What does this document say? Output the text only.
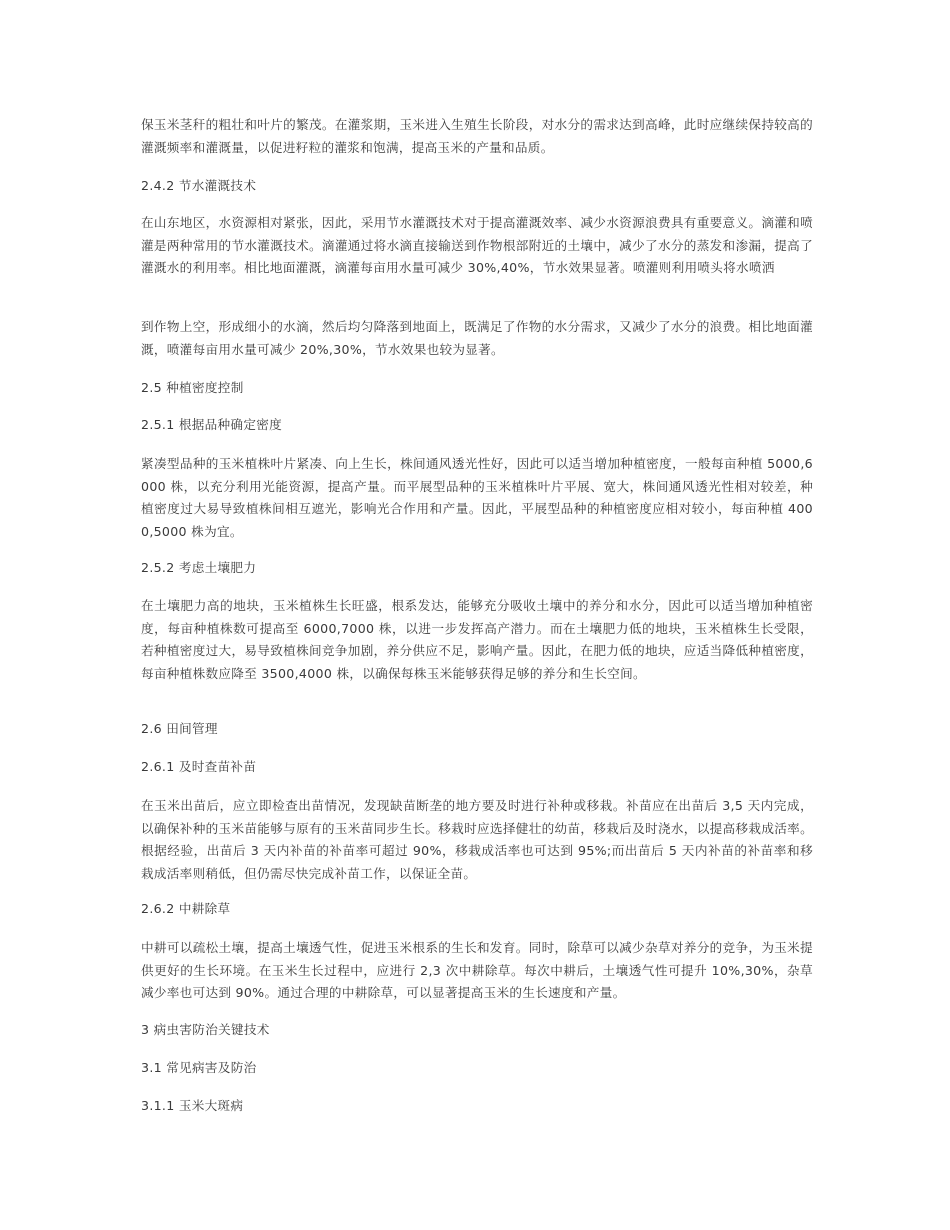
保玉米茎秆的粗壮和叶片的繁茂。在灌浆期，玉米进入生殖生长阶段，对水分的需求达到高峰，此时应继续保持较高的灌溉频率和灌溉量，以促进籽粒的灌浆和饱满，提高玉米的产量和品质。

2.4.2 节水灌溉技术

在山东地区，水资源相对紧张，因此，采用节水灌溉技术对于提高灌溉效率、减少水资源浪费具有重要意义。滴灌和喷灌是两种常用的节水灌溉技术。滴灌通过将水滴直接输送到作物根部附近的土壤中，减少了水分的蒸发和渗漏，提高了灌溉水的利用率。相比地面灌溉，滴灌每亩用水量可减少 30%,40%，节水效果显著。喷灌则利用喷头将水喷洒

到作物上空，形成细小的水滴，然后均匀降落到地面上，既满足了作物的水分需求，又减少了水分的浪费。相比地面灌溉，喷灌每亩用水量可减少 20%,30%，节水效果也较为显著。

2.5 种植密度控制

2.5.1 根据品种确定密度

紧凑型品种的玉米植株叶片紧凑、向上生长，株间通风透光性好，因此可以适当增加种植密度，一般每亩种植 5000,6000 株，以充分利用光能资源，提高产量。而平展型品种的玉米植株叶片平展、宽大，株间通风透光性相对较差，种植密度过大易导致植株间相互遮光，影响光合作用和产量。因此，平展型品种的种植密度应相对较小，每亩种植 4000,5000 株为宜。

2.5.2 考虑土壤肥力

在土壤肥力高的地块，玉米植株生长旺盛，根系发达，能够充分吸收土壤中的养分和水分，因此可以适当增加种植密度，每亩种植株数可提高至 6000,7000 株，以进一步发挥高产潜力。而在土壤肥力低的地块，玉米植株生长受限，若种植密度过大，易导致植株间竞争加剧，养分供应不足，影响产量。因此，在肥力低的地块，应适当降低种植密度，每亩种植株数应降至 3500,4000 株，以确保每株玉米能够获得足够的养分和生长空间。

2.6 田间管理

2.6.1 及时查苗补苗

在玉米出苗后，应立即检查出苗情况，发现缺苗断垄的地方要及时进行补种或移栽。补苗应在出苗后 3,5 天内完成，以确保补种的玉米苗能够与原有的玉米苗同步生长。移栽时应选择健壮的幼苗，移栽后及时浇水，以提高移栽成活率。根据经验，出苗后 3 天内补苗的补苗率可超过 90%，移栽成活率也可达到 95%;而出苗后 5 天内补苗的补苗率和移栽成活率则稍低，但仍需尽快完成补苗工作，以保证全苗。

2.6.2 中耕除草

中耕可以疏松土壤，提高土壤透气性，促进玉米根系的生长和发育。同时，除草可以减少杂草对养分的竞争，为玉米提供更好的生长环境。在玉米生长过程中，应进行 2,3 次中耕除草。每次中耕后，土壤透气性可提升 10%,30%，杂草减少率也可达到 90%。通过合理的中耕除草，可以显著提高玉米的生长速度和产量。

3 病虫害防治关键技术

3.1 常见病害及防治

3.1.1 玉米大斑病
